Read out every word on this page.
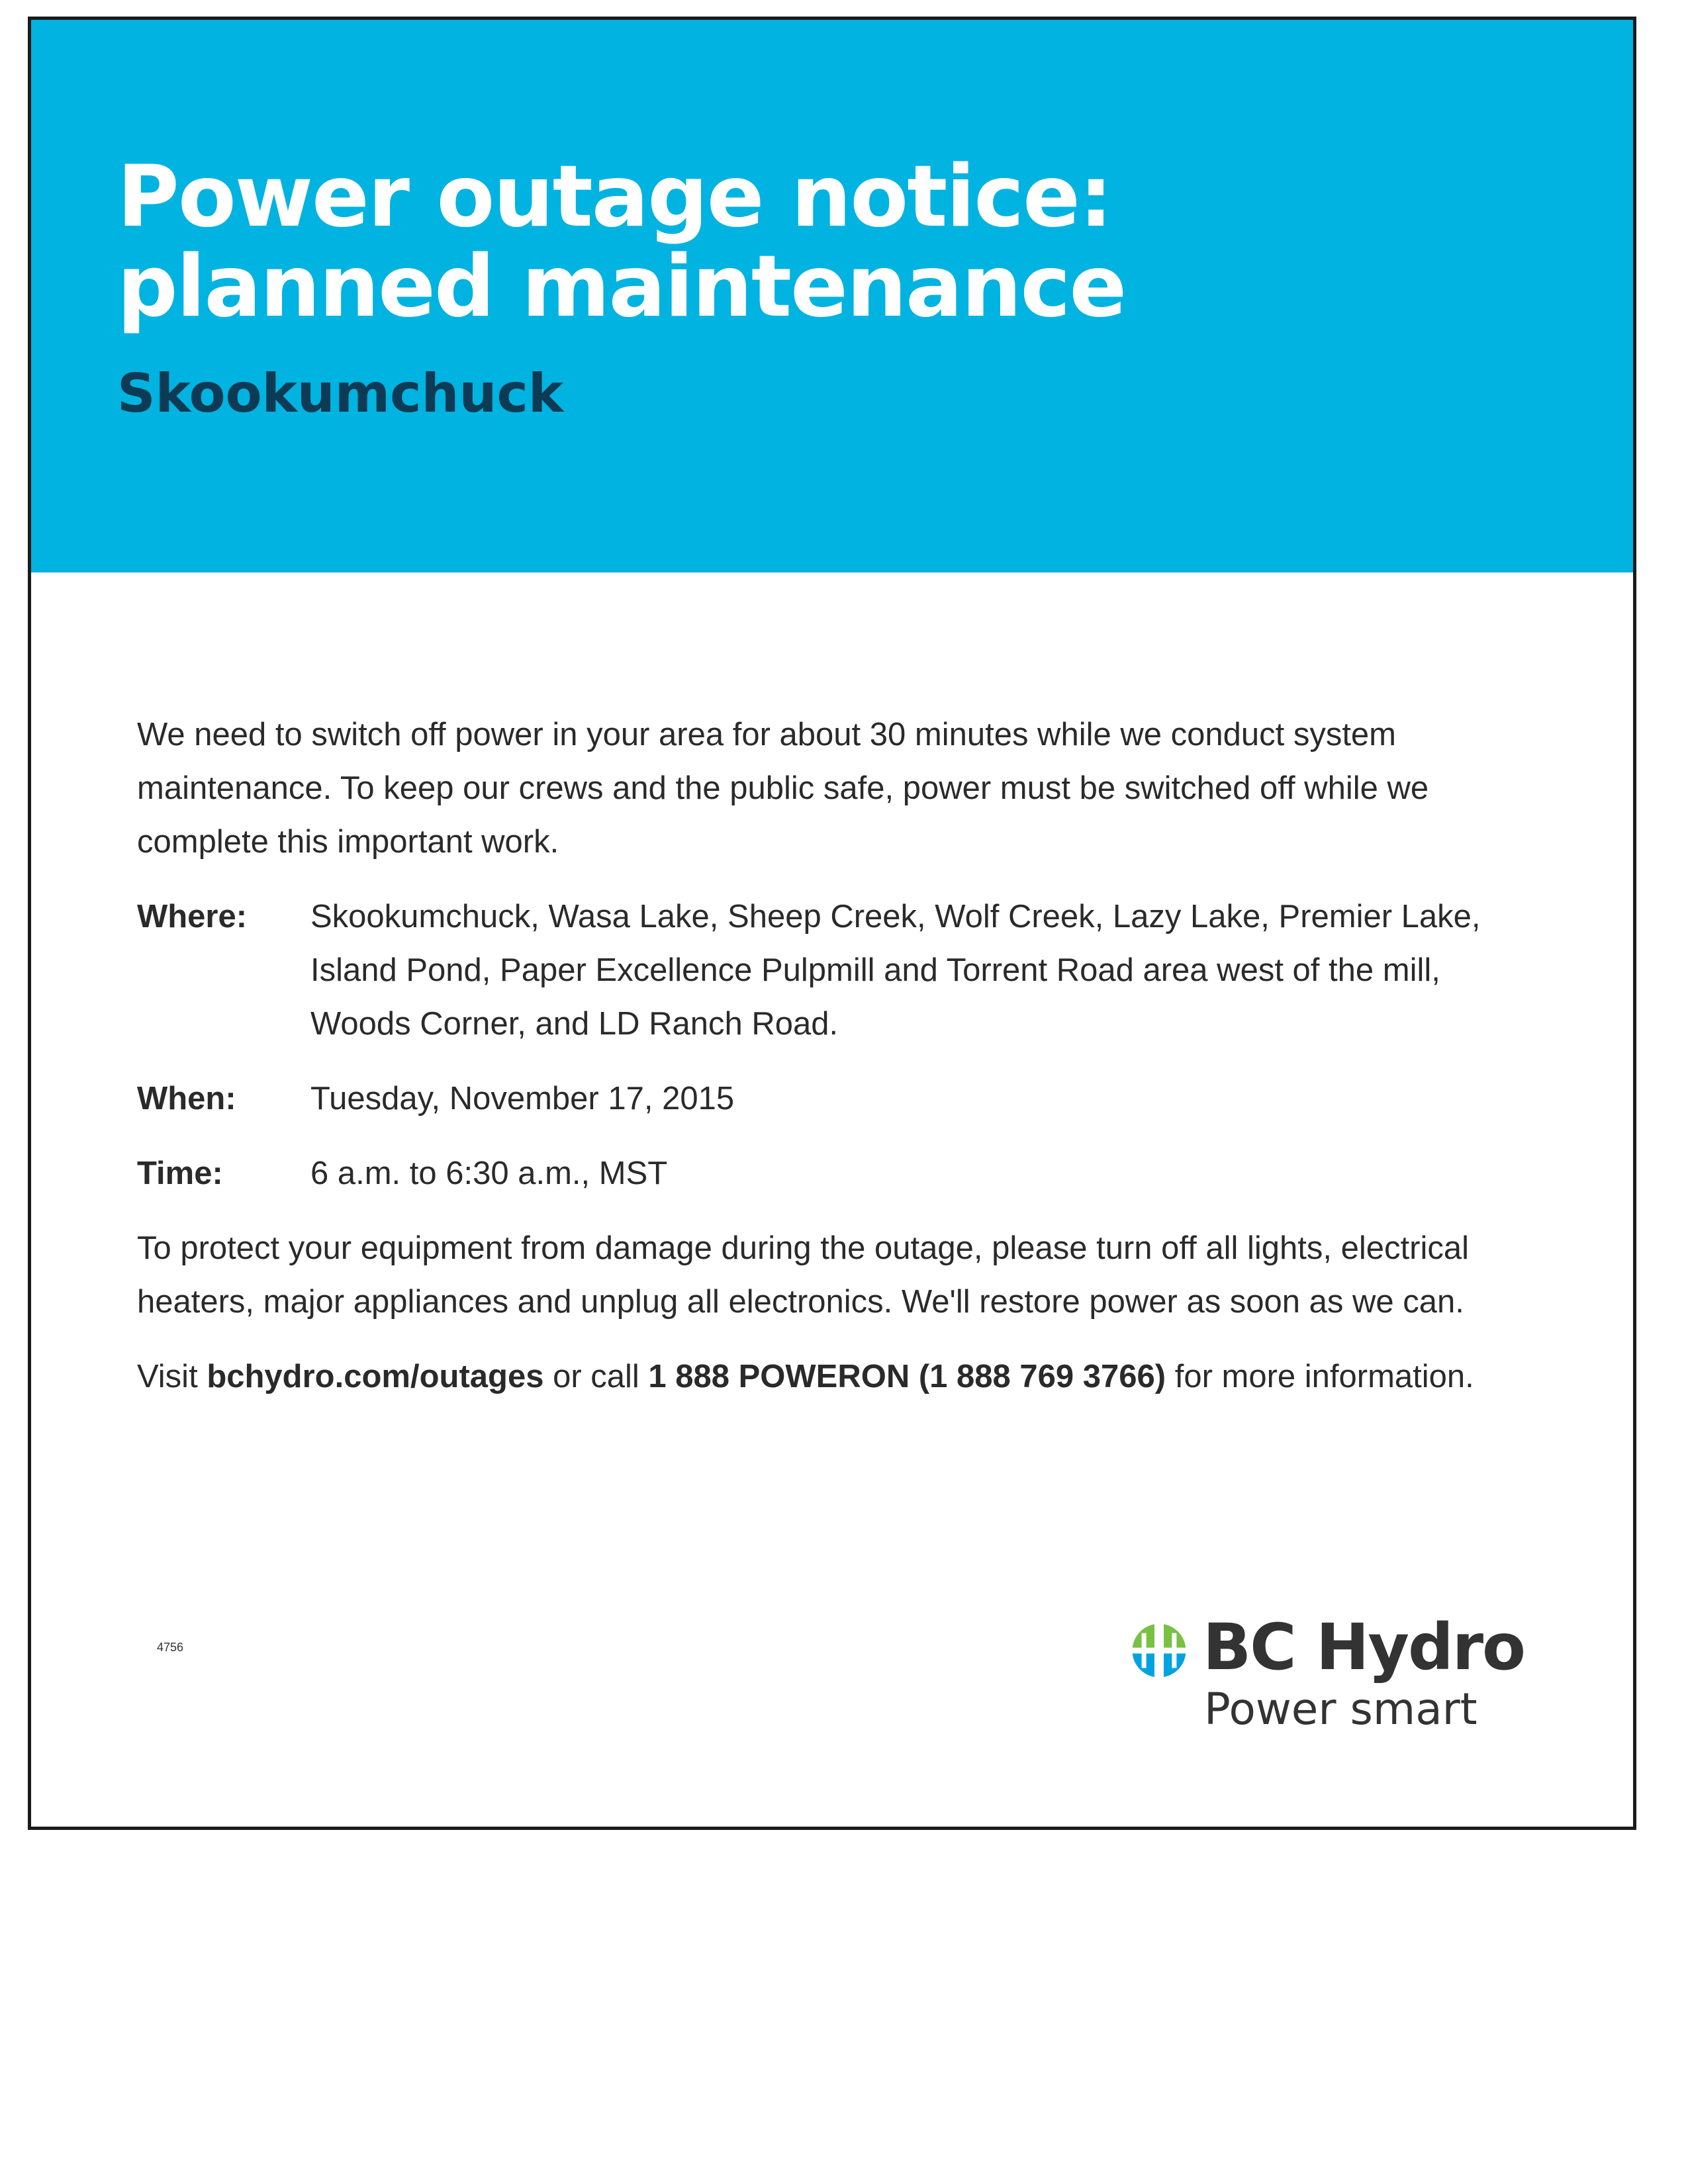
Power outage notice:
planned maintenance
Skookumchuck

We need to switch off power in your area for about 30 minutes while we conduct system maintenance. To keep our crews and the public safe, power must be switched off while we complete this important work.

Where:	Skookumchuck, Wasa Lake, Sheep Creek, Wolf Creek, Lazy Lake, Premier Lake, Island Pond, Paper Excellence Pulpmill and Torrent Road area west of the mill, Woods Corner, and LD Ranch Road.
When:	Tuesday, November 17, 2015
Time:	6 a.m. to 6:30 a.m., MST

To protect your equipment from damage during the outage, please turn off all lights, electrical heaters, major appliances and unplug all electronics. We'll restore power as soon as we can.

Visit bchydro.com/outages or call 1 888 POWERON (1 888 769 3766) for more information.

4756	BC Hydro
Power smart
